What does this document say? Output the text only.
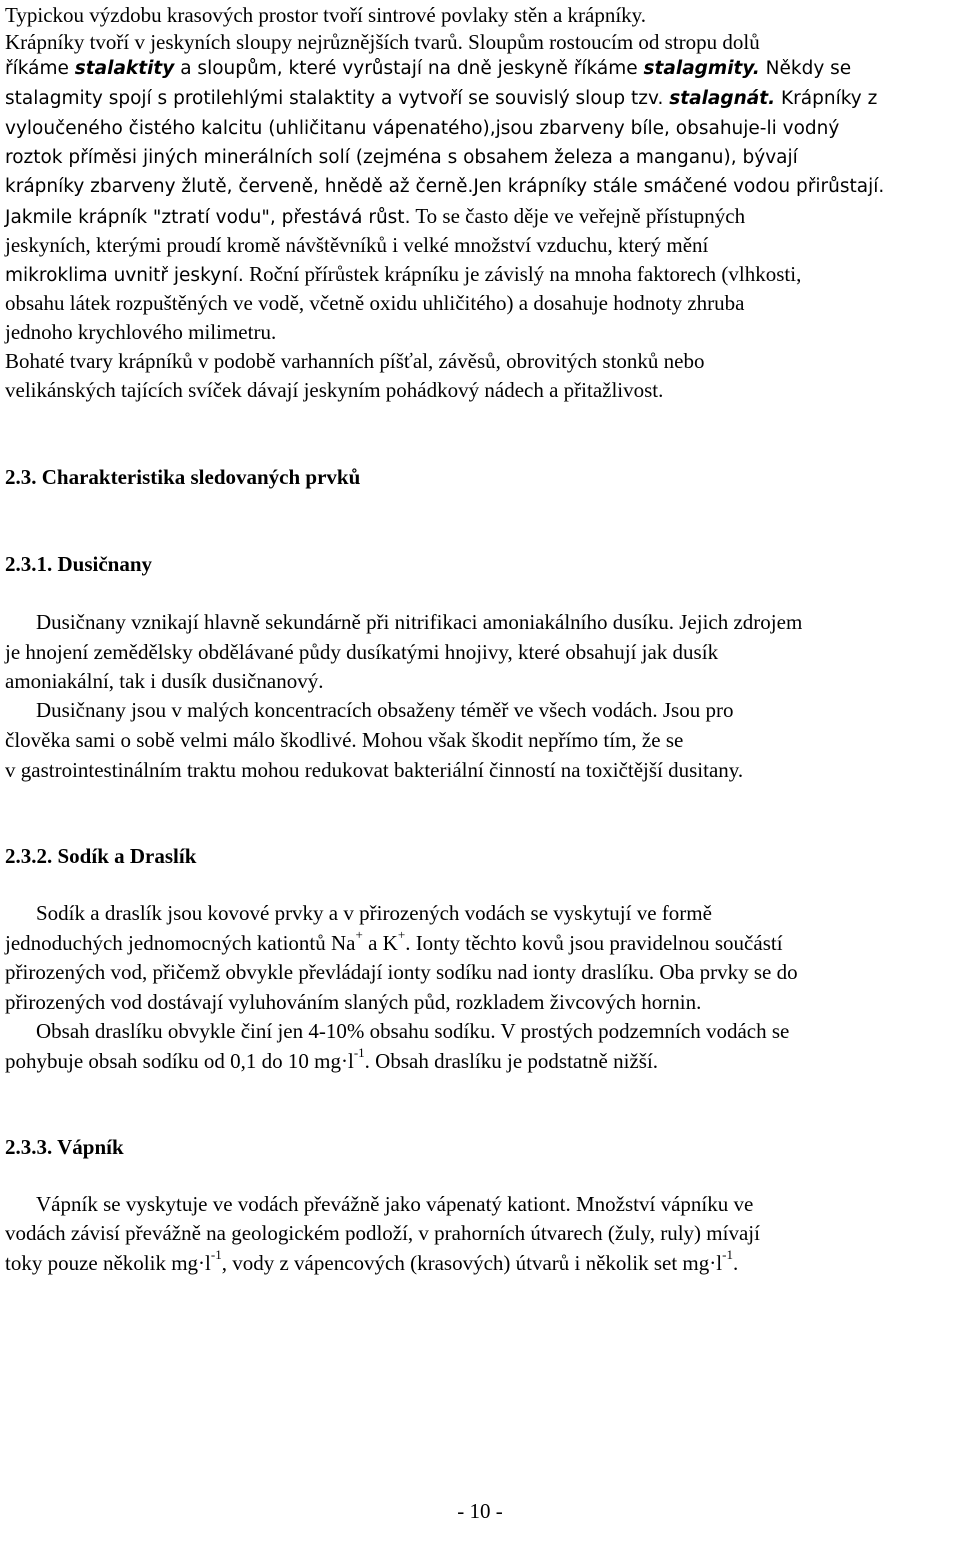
Typickou výzdobu krasových prostor tvoří sintrové povlaky stěn a krápníky.
Krápníky tvoří v jeskyních sloupy nejrůznějších tvarů. Sloupům rostoucím od stropu dolů
říkáme stalaktity a sloupům, které vyrůstají na dně jeskyně říkáme stalagmity. Někdy se
stalagmity spojí s protilehlými stalaktity a vytvoří se souvislý sloup tzv. stalagnát. Krápníky z
vyloučeného čistého kalcitu (uhličitanu vápenatého),jsou zbarveny bíle, obsahuje-li vodný
roztok příměsi jiných minerálních solí (zejména s obsahem železa a manganu), bývají
krápníky zbarveny žlutě, červeně, hnědě až černě.Jen krápníky stále smáčené vodou přirůstají.
Jakmile krápník "ztratí vodu", přestává růst. To se často děje ve veřejně přístupných
jeskyních, kterými proudí kromě návštěvníků i velké množství vzduchu, který mění
mikroklima uvnitř jeskyní. Roční přírůstek krápníku je závislý na mnoha faktorech (vlhkosti,
obsahu látek rozpuštěných ve vodě, včetně oxidu uhličitého) a dosahuje hodnoty zhruba
jednoho krychlového milimetru.
Bohaté tvary krápníků v podobě varhanních píšťal, závěsů, obrovitých stonků nebo
velikánských tajících svíček dávají jeskyním pohádkový nádech a přitažlivost.
2.3. Charakteristika sledovaných prvků
2.3.1. Dusičnany
Dusičnany vznikají hlavně sekundárně při nitrifikaci amoniakálního dusíku. Jejich zdrojem
je hnojení zemědělsky obdělávané půdy dusíkatými hnojivy, které obsahují jak dusík
amoniakální, tak i dusík dusičnanový.
Dusičnany jsou v malých koncentracích obsaženy téměř ve všech vodách. Jsou pro
člověka sami o sobě velmi málo škodlivé. Mohou však škodit nepřímo tím, že se
v gastrointestinálním traktu mohou redukovat bakteriální činností na toxičtější dusitany.
2.3.2. Sodík a Draslík
Sodík a draslík jsou kovové prvky a v přirozených vodách se vyskytují ve formě
jednoduchých jednomocných kationtů Na+ a K+. Ionty těchto kovů jsou pravidelnou součástí
přirozených vod, přičemž obvykle převládají ionty sodíku nad ionty draslíku. Oba prvky se do
přirozených vod dostávají vyluhováním slaných půd, rozkladem živcových hornin.
Obsah draslíku obvykle činí jen 4-10% obsahu sodíku. V prostých podzemních vodách se
pohybuje obsah sodíku od 0,1 do 10 $mg\cdot l^{-1}$. Obsah draslíku je podstatně nižší.
2.3.3. Vápník
Vápník se vyskytuje ve vodách převážně jako vápenatý kationt. Množství vápníku ve
vodách závisí převážně na geologickém podloží, v prahorních útvarech (žuly, ruly) mívají
toky pouze několik $mg\cdot l^{-1}$, vody z vápencových (krasových) útvarů i několik set $mg\cdot l^{-1}$.
- 10 -
